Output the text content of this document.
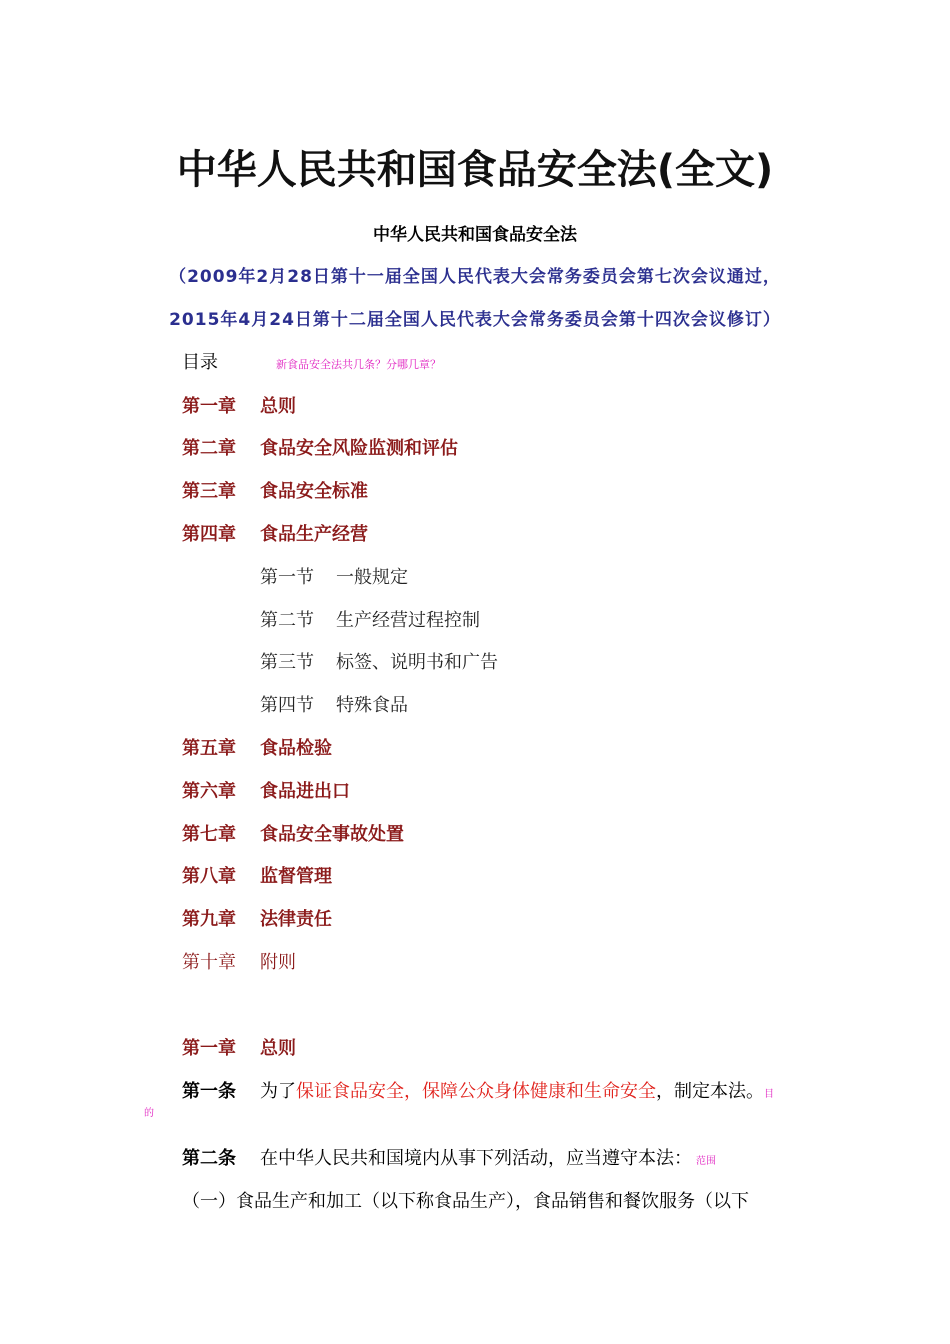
中华人民共和国食品安全法(全文)
中华人民共和国食品安全法
（2009年2月28日第十一届全国人民代表大会常务委员会第七次会议通过，
2015年4月24日第十二届全国人民代表大会常务委员会第十四次会议修订）
目录	新食品安全法共几条？分哪几章？
第一章 总则
第二章 食品安全风险监测和评估
第三章 食品安全标准
第四章 食品生产经营
第一节 一般规定
第二节 生产经营过程控制
第三节 标签、说明书和广告
第四节 特殊食品
第五章 食品检验
第六章 食品进出口
第七章 食品安全事故处置
第八章 监督管理
第九章 法律责任
第十章 附则
第一章 总则
第一条 为了保证食品安全，保障公众身体健康和生命安全，制定本法。目
的
第二条 在中华人民共和国境内从事下列活动，应当遵守本法： 范围
（一）食品生产和加工（以下称食品生产），食品销售和餐饮服务（以下
